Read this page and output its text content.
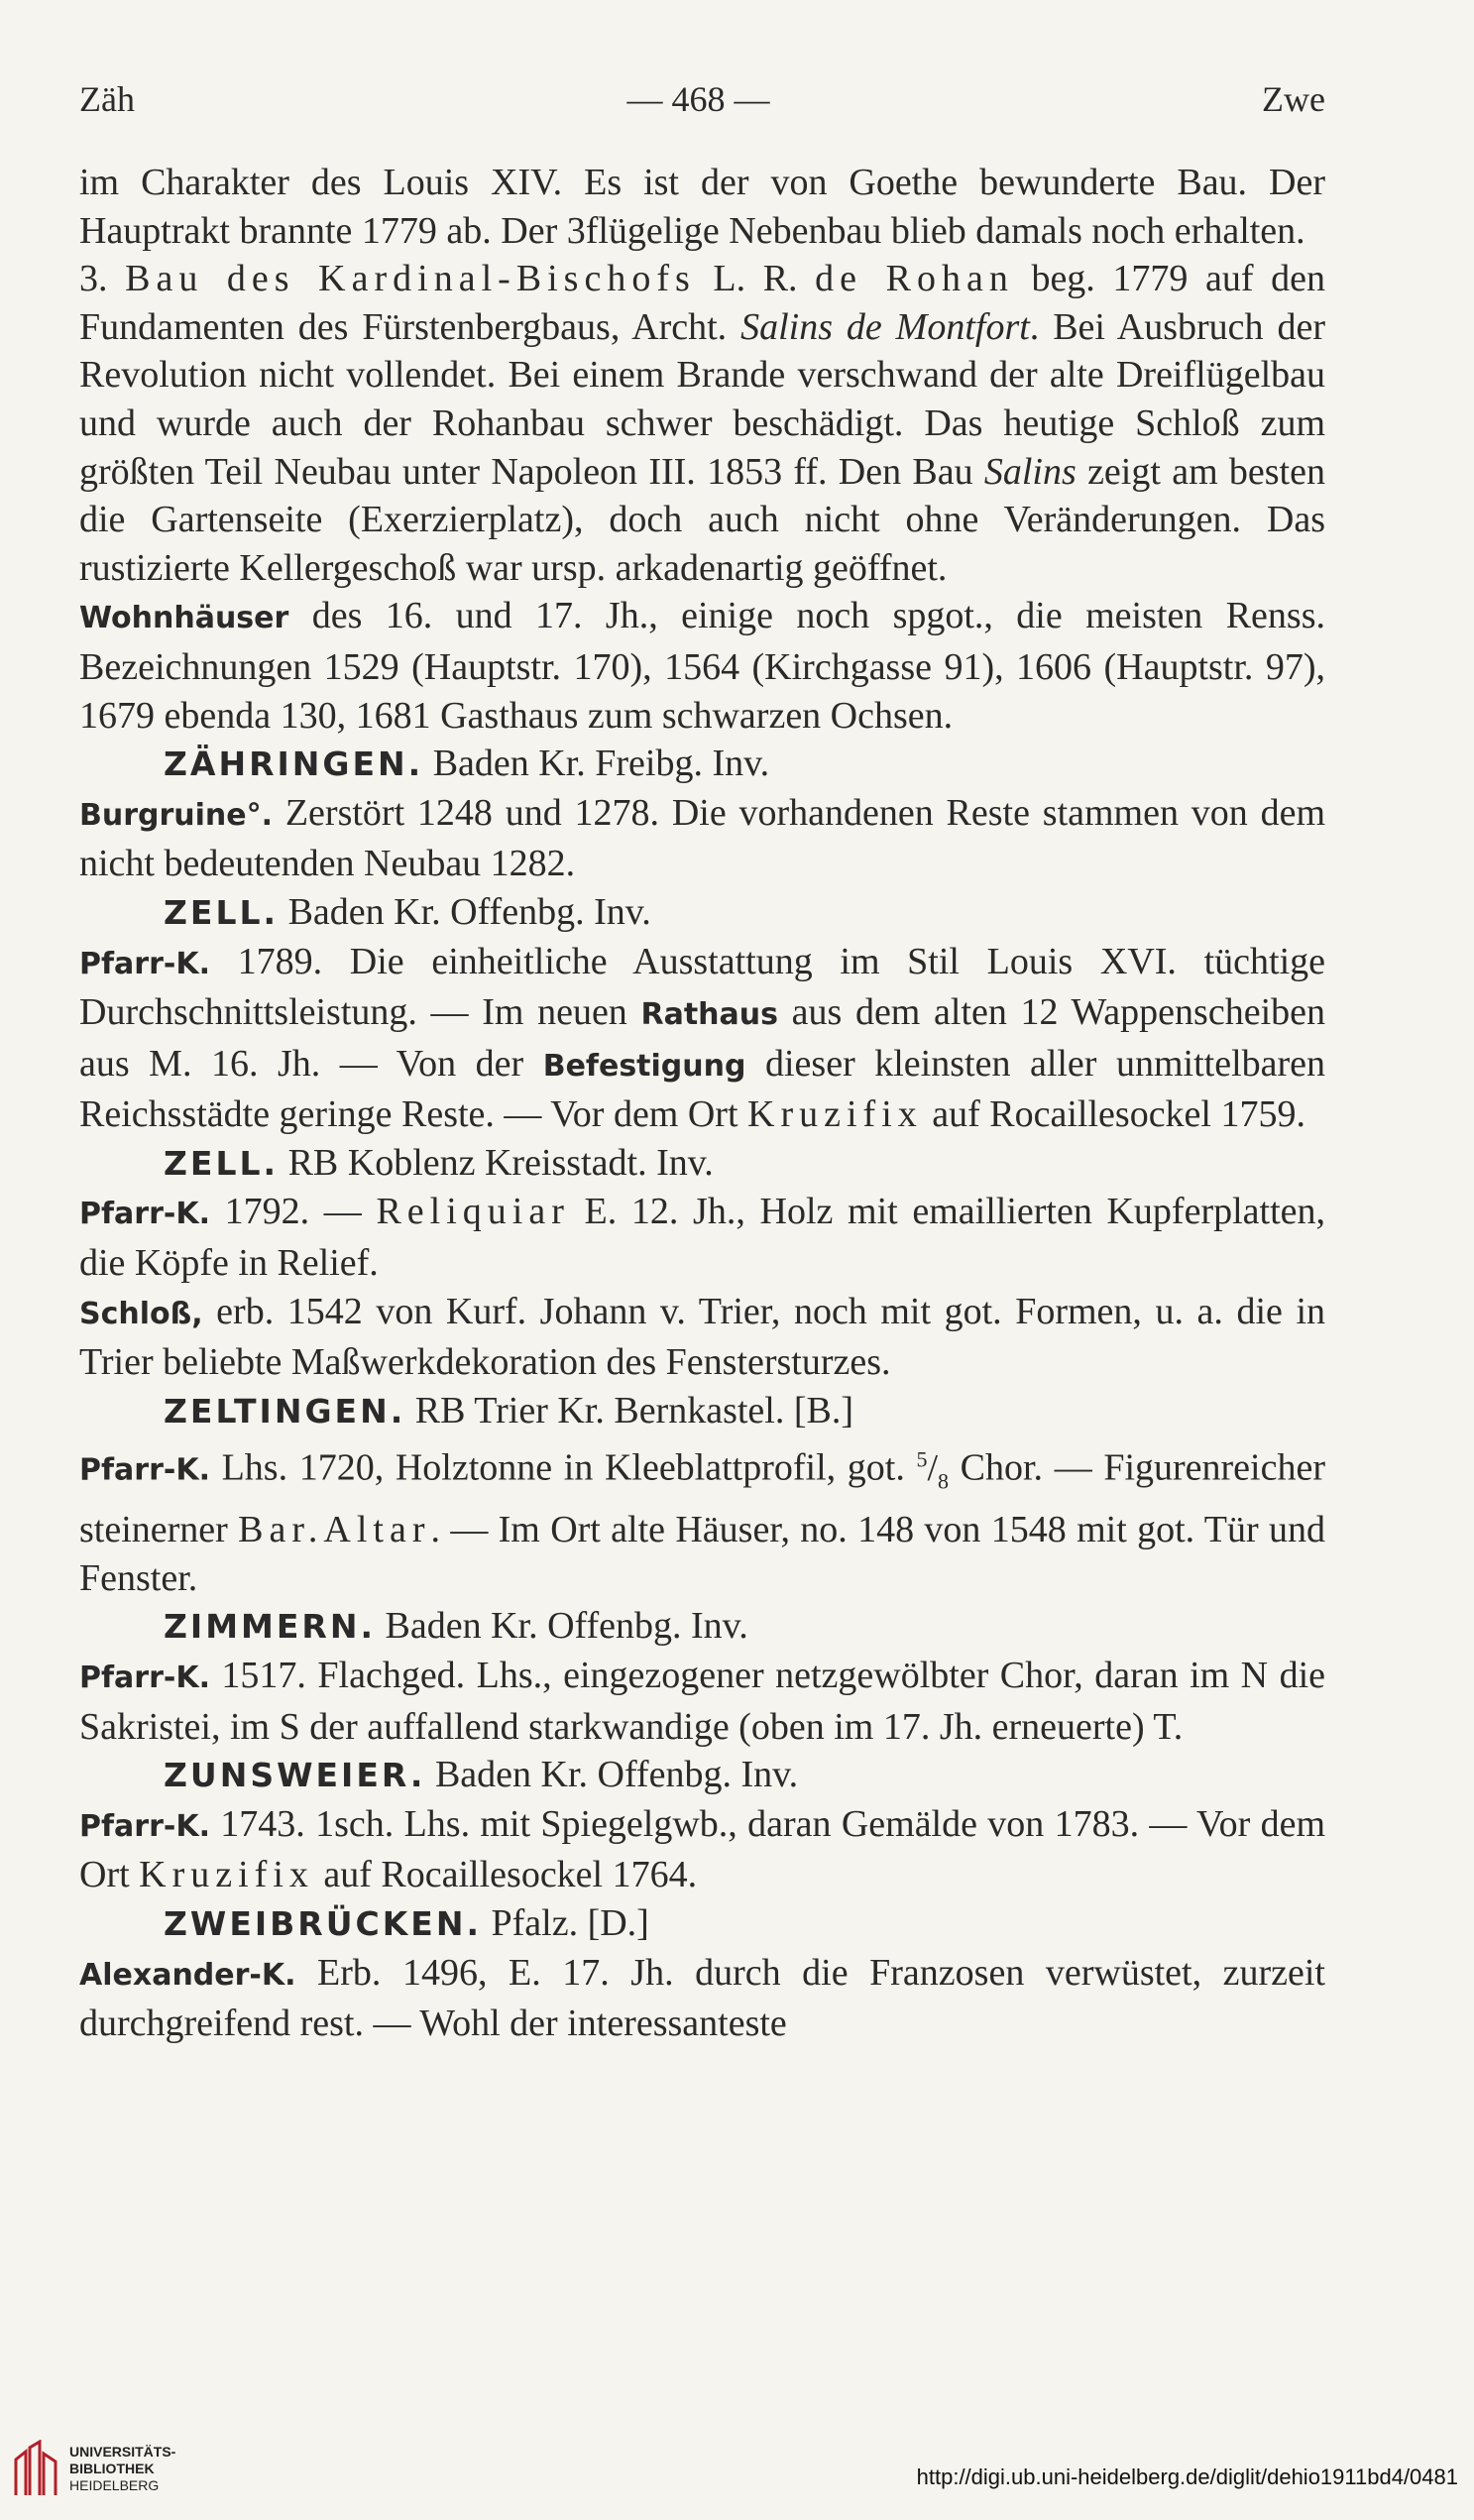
Zäh	— 468 —	Zwe

im Charakter des Louis XIV. Es ist der von Goethe bewunderte Bau. Der Hauptrakt brannte 1779 ab. Der 3flügelige Nebenbau blieb damals noch erhalten.

3. Bau des Kardinal-Bischofs L. R. de Rohan beg. 1779 auf den Fundamenten des Fürstenbergbaus, Archt. Salins de Montfort. Bei Ausbruch der Revolution nicht vollendet. Bei einem Brande verschwand der alte Dreiflügelbau und wurde auch der Rohanbau schwer beschädigt. Das heutige Schloß zum größten Teil Neubau unter Napoleon III. 1853 ff. Den Bau Salins zeigt am besten die Gartenseite (Exerzierplatz), doch auch nicht ohne Veränderungen. Das rustizierte Kellergeschoß war ursp. arkadenartig geöffnet.

Wohnhäuser des 16. und 17. Jh., einige noch spgot., die meisten Renss. Bezeichnungen 1529 (Hauptstr. 170), 1564 (Kirchgasse 91), 1606 (Hauptstr. 97), 1679 ebenda 130, 1681 Gasthaus zum schwarzen Ochsen.

ZÄHRINGEN. Baden Kr. Freibg. Inv.

Burgruine°. Zerstört 1248 und 1278. Die vorhandenen Reste stammen von dem nicht bedeutenden Neubau 1282.

ZELL. Baden Kr. Offenbg. Inv.

Pfarr-K. 1789. Die einheitliche Ausstattung im Stil Louis XVI. tüchtige Durchschnittsleistung. — Im neuen Rathaus aus dem alten 12 Wappenscheiben aus M. 16. Jh. — Von der Befestigung dieser kleinsten aller unmittelbaren Reichsstädte geringe Reste. — Vor dem Ort Kruzifix auf Rocaillesockel 1759.

ZELL. RB Koblenz Kreisstadt. Inv.

Pfarr-K. 1792. — Reliquiar E. 12. Jh., Holz mit emaillierten Kupferplatten, die Köpfe in Relief.

Schloß, erb. 1542 von Kurf. Johann v. Trier, noch mit got. Formen, u. a. die in Trier beliebte Maßwerkdekoration des Fenstersturzes.

ZELTINGEN. RB Trier Kr. Bernkastel. [B.]

Pfarr-K. Lhs. 1720, Holztonne in Kleeblattprofil, got. $^5/_8$ Chor. — Figurenreicher steinerner Bar.Altar. — Im Ort alte Häuser, no. 148 von 1548 mit got. Tür und Fenster.

ZIMMERN. Baden Kr. Offenbg. Inv.

Pfarr-K. 1517. Flachged. Lhs., eingezogener netzgewölbter Chor, daran im N die Sakristei, im S der auffallend starkwandige (oben im 17. Jh. erneuerte) T.

ZUNSWEIER. Baden Kr. Offenbg. Inv.

Pfarr-K. 1743. 1sch. Lhs. mit Spiegelgwb., daran Gemälde von 1783. — Vor dem Ort Kruzifix auf Rocaillesockel 1764.

ZWEIBRÜCKEN. Pfalz. [D.]

Alexander-K. Erb. 1496, E. 17. Jh. durch die Franzosen verwüstet, zurzeit durchgreifend rest. — Wohl der interessanteste

UNIVERSITÄTS-
BIBLIOTHEK
HEIDELBERG	http://digi.ub.uni-heidelberg.de/diglit/dehio1911bd4/0481
